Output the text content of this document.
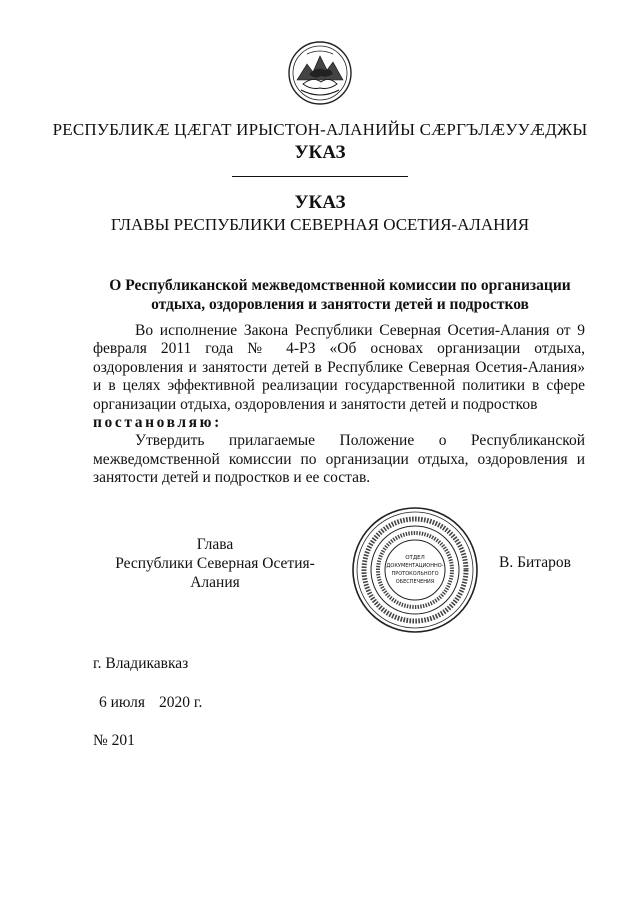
РЕСПУБЛИКӔ ЦӔГАТ ИРЫСТОН-АЛАНИЙЫ СӔРГЪЛӔУУӔДЖЫ
УКАЗ
УКАЗ
ГЛАВЫ РЕСПУБЛИКИ СЕВЕРНАЯ ОСЕТИЯ-АЛАНИЯ
О Республиканской межведомственной комиссии по организации
отдыха, оздоровления и занятости детей и подростков

Во исполнение Закона Республики Северная Осетия-Алания от 9 февраля 2011 года № 4-РЗ «Об основах организации отдыха, оздоровления и занятости детей в Республике Северная Осетия-Алания» и в целях эффективной реализации государственной политики в сфере организации отдыха, оздоровления и занятости детей и подростков

постановляю:

Утвердить прилагаемые Положение о Республиканской межведомственной комиссии по организации отдыха, оздоровления и занятости детей и подростков и ее состав.

Глава
Республики Северная Осетия-Алания
ОТДЕЛ
ДОКУМЕНТАЦИОННО-
ПРОТОКОЛЬНОГО
ОБЕСПЕЧЕНИЯ
В. Битаров
г. Владикавказ
6 июля 2020 г.
№ 201
